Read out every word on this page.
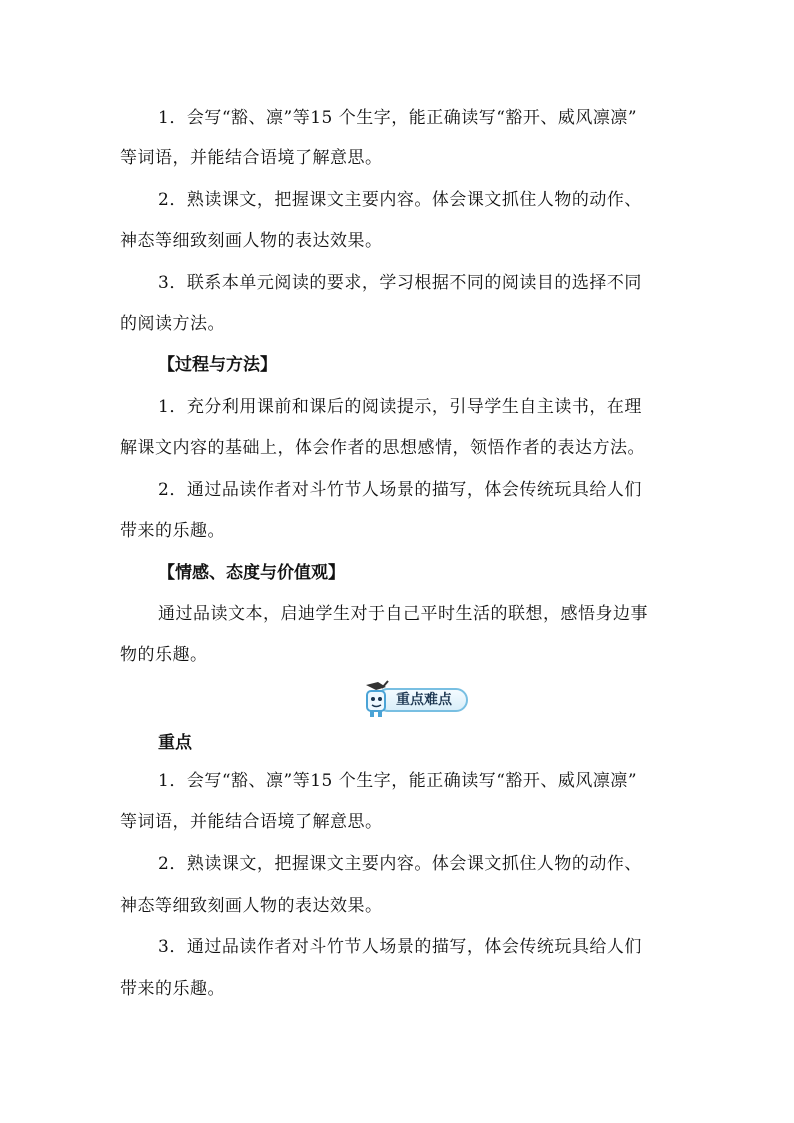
1．会写“豁、凛”等15 个生字，能正确读写“豁开、威风凛凛”
等词语，并能结合语境了解意思。
2．熟读课文，把握课文主要内容。体会课文抓住人物的动作、
神态等细致刻画人物的表达效果。
3．联系本单元阅读的要求，学习根据不同的阅读目的选择不同
的阅读方法。
【过程与方法】
1．充分利用课前和课后的阅读提示，引导学生自主读书，在理
解课文内容的基础上，体会作者的思想感情，领悟作者的表达方法。
2．通过品读作者对斗竹节人场景的描写，体会传统玩具给人们
带来的乐趣。
【情感、态度与价值观】
通过品读文本，启迪学生对于自己平时生活的联想，感悟身边事
物的乐趣。
重点难点
重点
1．会写“豁、凛”等15 个生字，能正确读写“豁开、威风凛凛”
等词语，并能结合语境了解意思。
2．熟读课文，把握课文主要内容。体会课文抓住人物的动作、
神态等细致刻画人物的表达效果。
3．通过品读作者对斗竹节人场景的描写，体会传统玩具给人们
带来的乐趣。
